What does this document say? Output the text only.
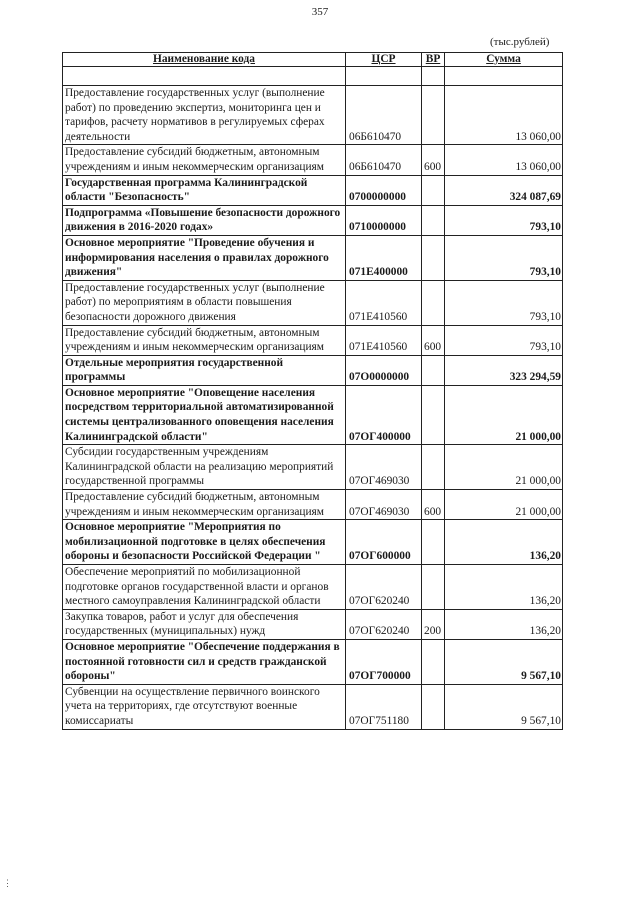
357
(тыс.рублей)
Наименование кода	ЦСР	ВР	Сумма

Предоставление государственных услуг (выполнение работ) по проведению экспертиз, мониторинга цен и тарифов, расчету нормативов в регулируемых сферах деятельности	06Б610470		13 060,00
Предоставление субсидий бюджетным, автономным учреждениям и иным некоммерческим организациям	06Б610470	600	13 060,00
Государственная программа Калининградской области "Безопасность"	0700000000		324 087,69
Подпрограмма «Повышение безопасности дорожного движения в 2016-2020 годах»	0710000000		793,10
Основное мероприятие "Проведение обучения и информирования населения о правилах дорожного движения"	071Е400000		793,10
Предоставление государственных услуг (выполнение работ) по мероприятиям в области повышения безопасности дорожного движения	071Е410560		793,10
Предоставление субсидий бюджетным, автономным учреждениям и иным некоммерческим организациям	071Е410560	600	793,10
Отдельные мероприятия государственной программы	07О0000000		323 294,59
Основное мероприятие "Оповещение населения посредством территориальной автоматизированной системы централизованного оповещения населения Калининградской области"	07ОГ400000		21 000,00
Субсидии государственным учреждениям Калининградской области на реализацию мероприятий государственной программы	07ОГ469030		21 000,00
Предоставление субсидий бюджетным, автономным учреждениям и иным некоммерческим организациям	07ОГ469030	600	21 000,00
Основное мероприятие "Мероприятия по мобилизационной подготовке в целях обеспечения обороны и безопасности Российской Федерации "	07ОГ600000		136,20
Обеспечение мероприятий по мобилизационной подготовке органов государственной власти и органов местного самоуправления Калининградской области	07ОГ620240		136,20
Закупка товаров, работ и услуг для обеспечения государственных (муниципальных) нужд	07ОГ620240	200	136,20
Основное мероприятие "Обеспечение поддержания в постоянной готовности сил и средств гражданской обороны"	07ОГ700000		9 567,10
Субвенции на осуществление первичного воинского учета на территориях, где отсутствуют военные комиссариаты	07ОГ751180		9 567,10
⋮
